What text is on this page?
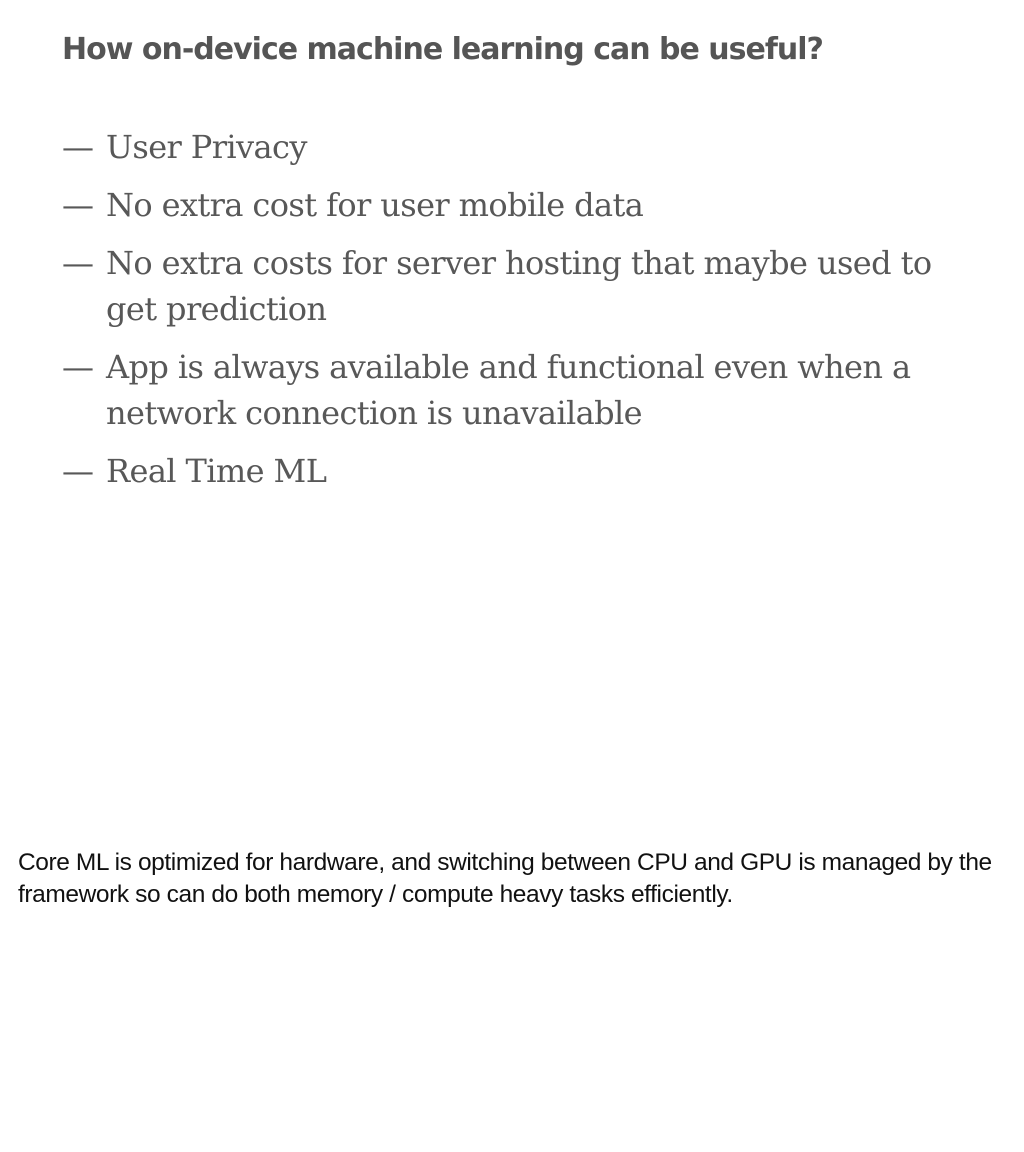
How on-device machine learning can be useful?
— User Privacy
— No extra cost for user mobile data
— No extra costs for server hosting that maybe used to get prediction
— App is always available and functional even when a network connection is unavailable
— Real Time ML

Core ML is optimized for hardware, and switching between CPU and GPU is managed by the framework so can do both memory / compute heavy tasks efficiently.
